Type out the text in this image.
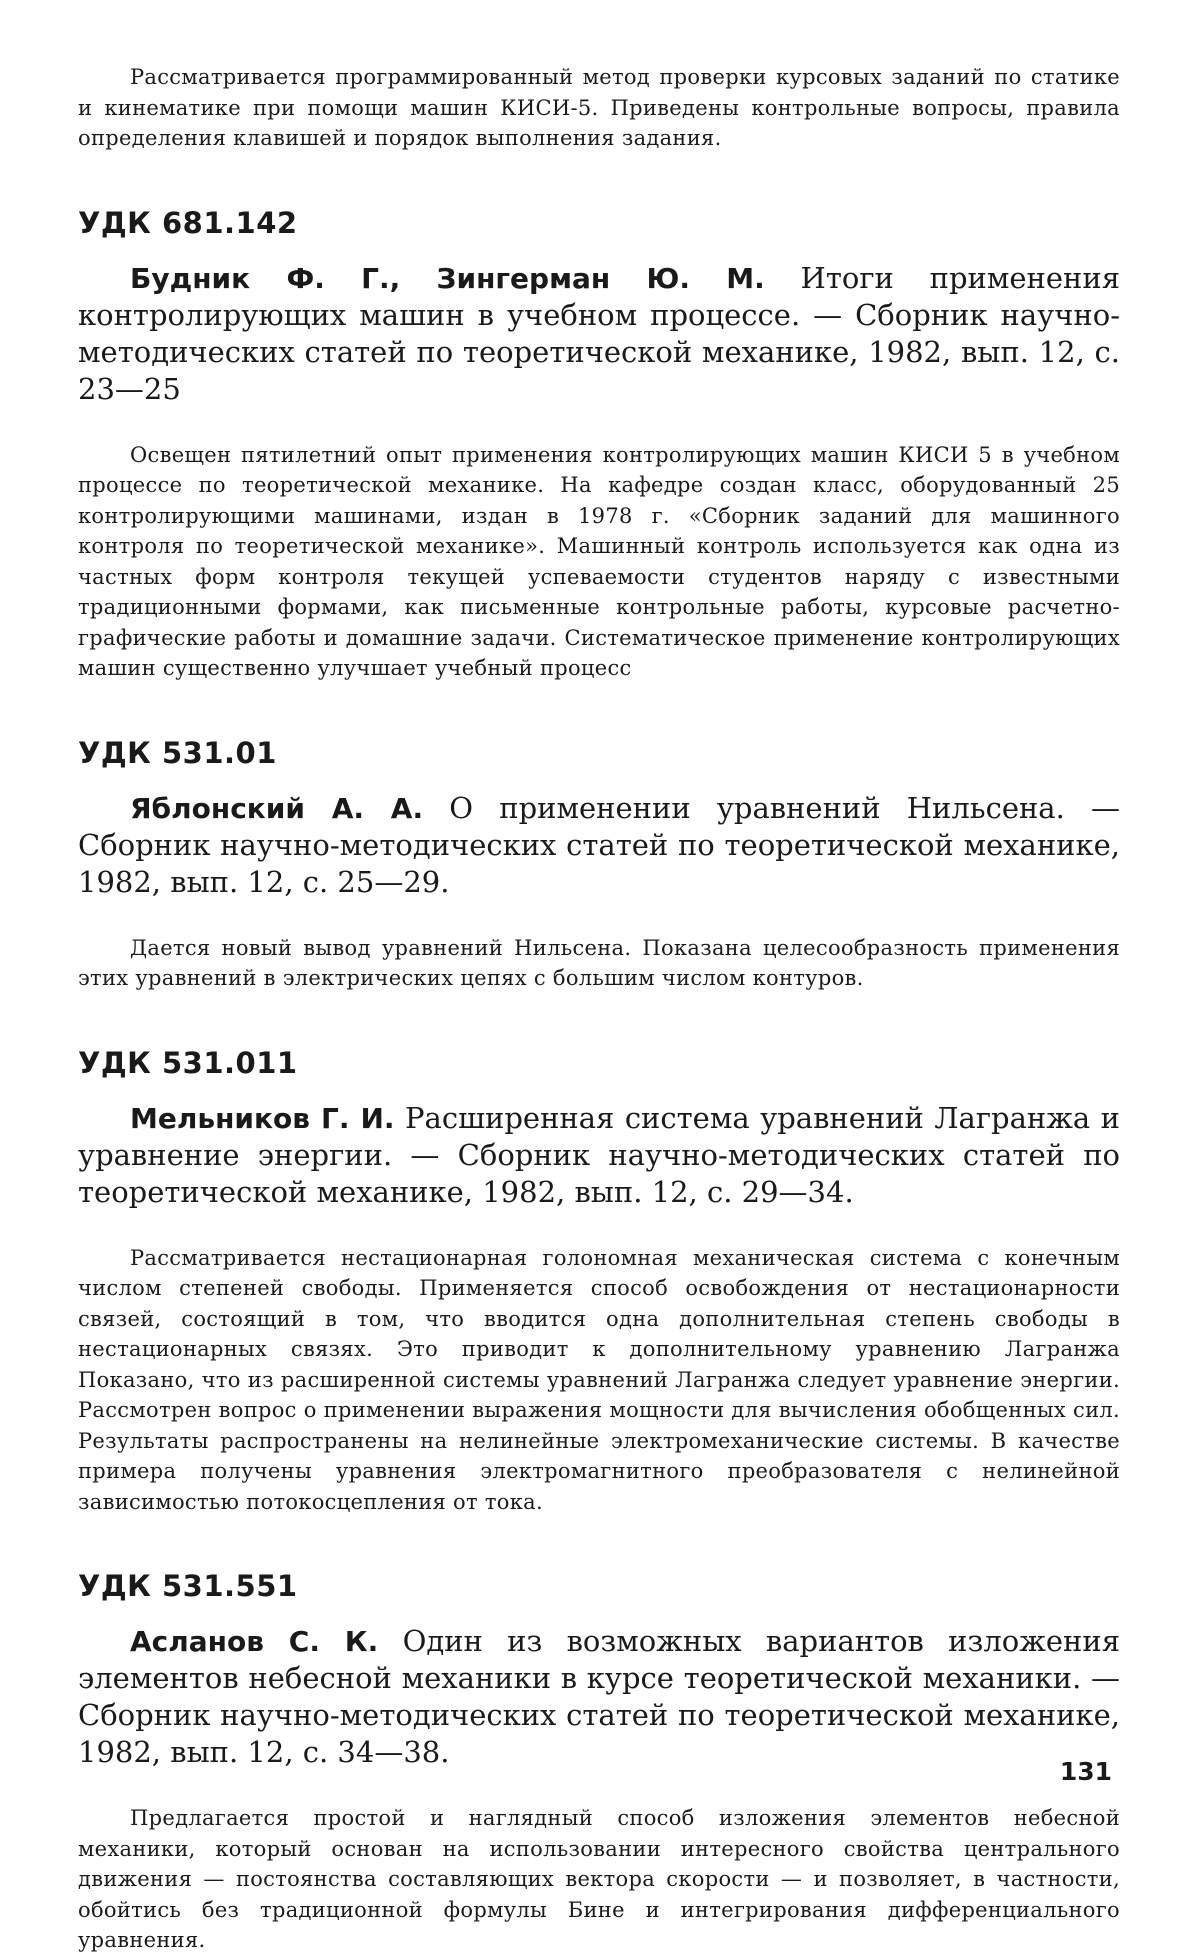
Рассматривается программированный метод проверки курсовых заданий по статике и кинематике при помощи машин КИСИ-5. Приведены контрольные вопросы, правила определения клавишей и порядок выполнения задания.

УДК 681.142

Будник Ф. Г., Зингерман Ю. М. Итоги применения контролирующих машин в учебном процессе. — Сборник научно-методических статей по теоретической механике, 1982, вып. 12, с. 23—25

Освещен пятилетний опыт применения контролирующих машин КИСИ 5 в учебном процессе по теоретической механике. На кафедре создан класс, оборудованный 25 контролирующими машинами, издан в 1978 г. «Сборник заданий для машинного контроля по теоретической механике». Машинный контроль используется как одна из частных форм контроля текущей успеваемости студентов наряду с известными традиционными формами, как письменные контрольные работы, курсовые расчетно-графические работы и домашние задачи. Систематическое применение контролирующих машин существенно улучшает учебный процесс

УДК 531.01

Яблонский А. А. О применении уравнений Нильсена. — Сборник научно-методических статей по теоретической механике, 1982, вып. 12, с. 25—29.

Дается новый вывод уравнений Нильсена. Показана целесообразность применения этих уравнений в электрических цепях с большим числом контуров.

УДК 531.011

Мельников Г. И. Расширенная система уравнений Лагранжа и уравнение энергии. — Сборник научно-методических статей по теоретической механике, 1982, вып. 12, с. 29—34.

Рассматривается нестационарная голономная механическая система с конечным числом степеней свободы. Применяется способ освобождения от нестационарности связей, состоящий в том, что вводится одна дополнительная степень свободы в нестационарных связях. Это приводит к дополнительному уравнению Лагранжа Показано, что из расширенной системы уравнений Лагранжа следует уравнение энергии. Рассмотрен вопрос о применении выражения мощности для вычисления обобщенных сил. Результаты распространены на нелинейные электромеханические системы. В качестве примера получены уравнения электромагнитного преобразователя с нелинейной зависимостью потокосцепления от тока.

УДК 531.551

Асланов С. К. Один из возможных вариантов изложения элементов небесной механики в курсе теоретической механики. — Сборник научно-методических статей по теоретической механике, 1982, вып. 12, с. 34—38.

Предлагается простой и наглядный способ изложения элементов небесной механики, который основан на использовании интересного свойства центрального движения — постоянства составляющих вектора скорости — и позволяет, в частности, обойтись без традиционной формулы Бине и интегрирования дифференциального уравнения.

131
